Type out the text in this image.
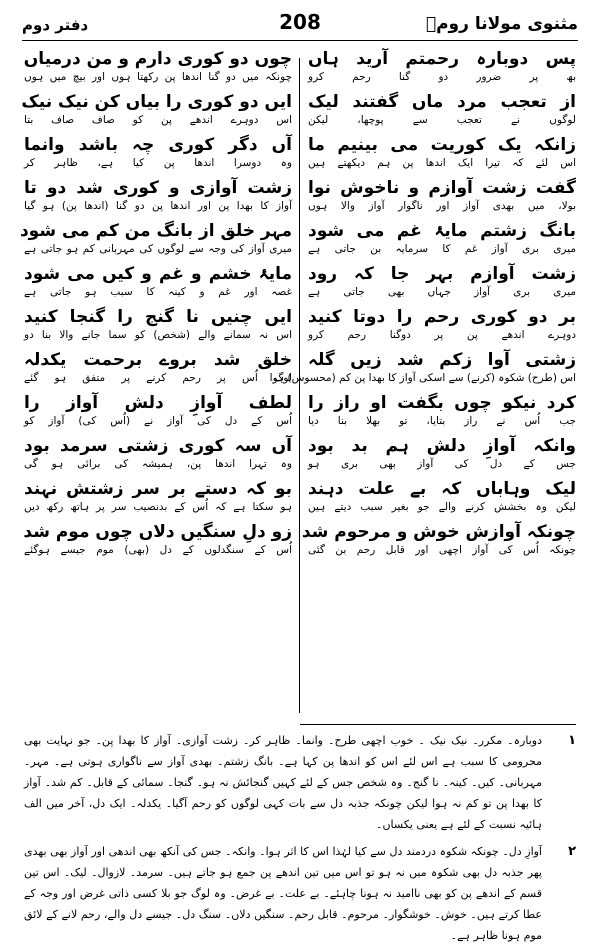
مثنوی مولانا رومؒ
208
دفتر دوم
پس دوبارہ رحمتم آرید ہاں
بھ پر ضرور دو گنا رحم کرو
از تعجب مرد ماں گفتند لیک
لوگوں نے تعجب سے پوچھا، لیکن
زانکہ یک کوریت می بینیم ما
اس لئے کہ تیرا ایک اندھا پن ہم دیکھتے ہیں
گفت زشت آوازم و ناخوش نوا
بولا، میں بھدی آواز اور ناگوار آواز والا ہوں
بانگ زشتم مایۂ غم می شود
میری بری آواز غم کا سرمایہ بن جاتی ہے
زشت آوازم بہر جا کہ رود
میری بری آواز جہاں بھی جاتی ہے
بر دو کوری رحم را دوتا کنید
دوہرے اندھے پن پر دوگنا رحم کرو
زشتی آوا زکم شد زیں گلہ
اس (طرح) شکوہ (کرنے) سے اسکی آواز کا بھدا پن کم (محسوس) ہوا
کرد نیکو چوں بگفت او راز را
جب اُس نے راز بتایا، تو بھلا بنا دیا
وانکہ آوازِ دلش ہم بد بود
جس کے دل کی آواز بھی بری ہو
لیک وہاباں کہ بے علت دہند
لیکن وہ بخشش کرنے والے جو بغیر سبب دیتے ہیں
چونکہ آوازش خوش و مرحوم شد
چونکہ اُس کی آواز اچھی اور قابل رحم بن گئی
چوں دو کوری دارم و من درمیاں
چونکہ میں دو گنا اندھا پن رکھتا ہوں اور بیچ میں ہوں
ایں دو کوری را بیاں کن نیک نیک
اس دوہرے اندھے پن کو صاف صاف بتا
آں دگر کوری چہ باشد وانما
وہ دوسرا اندھا پن کیا ہے، ظاہر کر
زشت آوازی و کوری شد دو تا
آواز کا بھدا پن اور اندھا پن دو گنا (اندھا پن) ہو گیا
مہر خلق از بانگ من کم می شود
میری آواز کی وجہ سے لوگوں کی مہربانی کم ہو جاتی ہے
مایۂ خشم و غم و کیں می شود
غصہ اور غم و کینہ کا سبب ہو جاتی ہے
ایں چنیں نا گنج را گنجا کنید
اس نہ سمانے والے (شخص) کو سما جانے والا بنا دو
خلق شد بروے برحمت یکدلہ
لوگ اُس پر رحم کرنے پر متفق ہو گئے
لطف آوازِ دلش آواز را
اُس کے دل کی آواز نے (اُس کی) آواز کو
آں سہ کوری زشتی سرمد بود
وہ تہرا اندھا پن، ہمیشہ کی برائی ہو گی
بو کہ دستے بر سر زشتش نہند
ہو سکتا ہے کہ اُس کے بدنصیب سر پر ہاتھ رکھ دیں
زو دلِ سنگیں دلاں چوں موم شد
اُس کے سنگدلوں کے دل (بھی) موم جیسے ہوگئے
۱

دوبارہ۔ مکرر۔ نیک نیک ۔ خوب اچھی طرح۔ وانما۔ ظاہر کر۔ زشت آوازی۔ آواز کا بھدا پن۔ جو نہایت بھی محرومی کا سبب ہے اس لئے اس کو اندھا پن کہا ہے۔ بانگ زشتم۔ بھدی آواز سے ناگواری ہوتی ہے۔ مہر۔ مہربانی۔ کیں۔ کینہ۔ نا گنج۔ وہ شخص جس کے لئے کہیں گنجائش نہ ہو۔ گنجا۔ سمائی کے قابل۔ کم شد۔ آواز کا بھدا پن تو کم نہ ہوا لیکن چونکہ جذبہ دل سے بات کہی لوگوں کو رحم آگیا۔ یکدلہ۔ ایک دل، آخر میں الف ہائیہ نسبت کے لئے ہے یعنی یکساں۔

۲

آوازِ دل۔ چونکہ شکوہ دردمند دل سے کیا لہٰذا اس کا اثر ہوا۔ وانکہ۔ جس کی آنکھ بھی اندھی اور آواز بھی بھدی پھر جذبہ دل بھی شکوہ میں نہ ہو تو اس میں تین اندھے پن جمع ہو جاتے ہیں۔ سرمد۔ لازوال۔ لیک۔ اس تین قسم کے اندھے پن کو بھی ناامید نہ ہونا چاہئے۔ بے علت۔ بے غرض۔ وہ لوگ جو بلا کسی ذاتی غرض اور وجہ کے عطا کرتے ہیں۔ خوش۔ خوشگوار۔ مرحوم۔ قابل رحم۔ سنگیں دلاں۔ سنگ دل۔ جیسے دل والے، رحم لانے کے لائق موم ہونا ظاہر ہے۔
